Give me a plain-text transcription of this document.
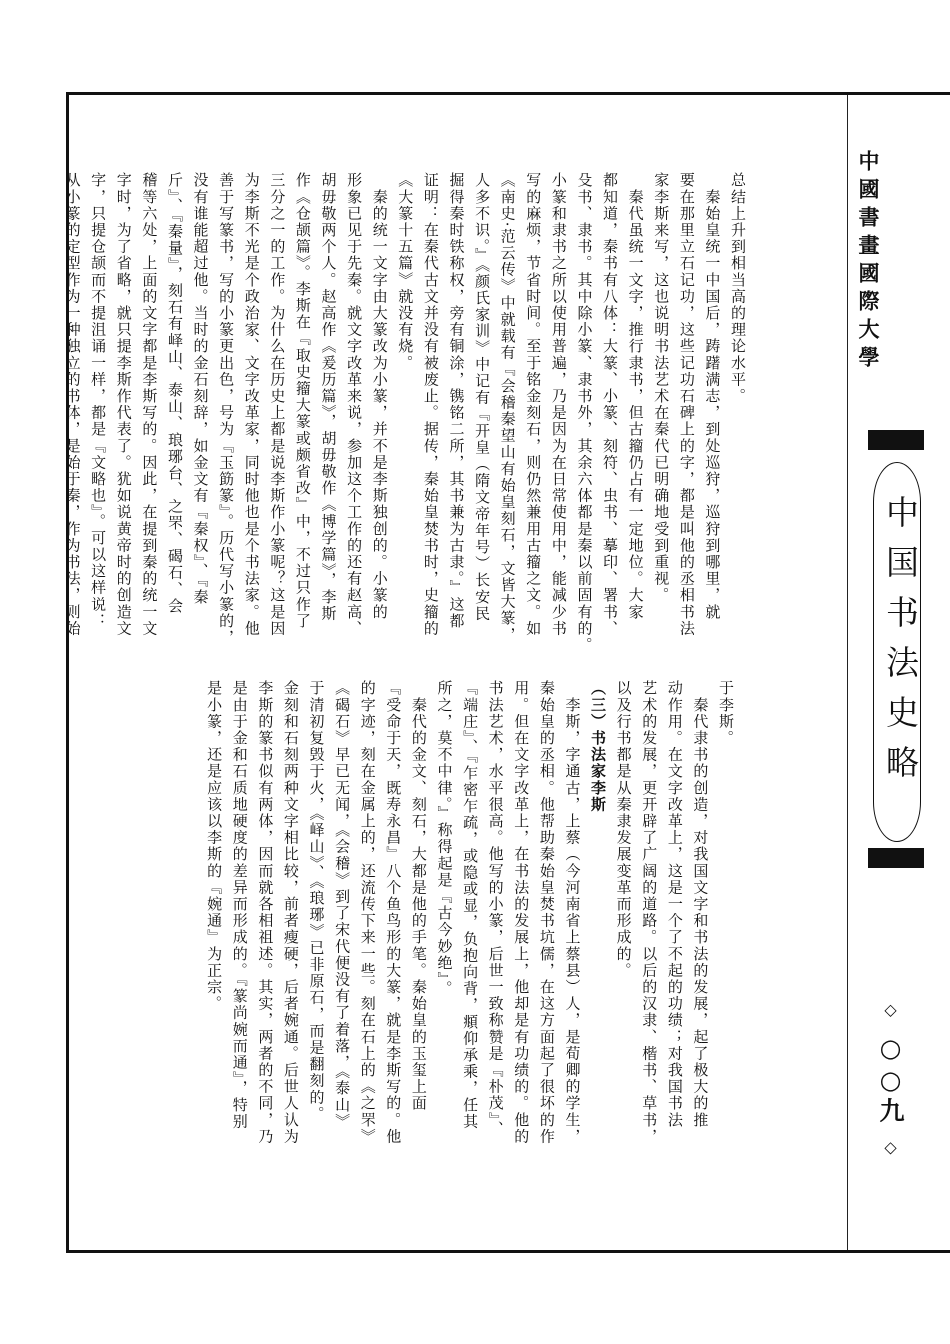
中國書畫國際大學
中国书法史略
◇ ○○九 ◇
总结上升到相当高的理论水平。
　秦始皇统一中国后，踌躇满志，到处巡狩，巡狩到哪里，就
要在那里立石记功，这些记功石碑上的字，都是叫他的丞相书法
家李斯来写，这也说明书法艺术在秦代已明确地受到重视。
　秦代虽统一文字，推行隶书，但古籀仍占有一定地位。大家
都知道，秦书有八体：大篆、小篆、刻符、虫书、摹印、署书、
殳书、隶书。其中除小篆、隶书外，其余六体都是秦以前固有的。
小篆和隶书之所以使用普遍，乃是因为在日常使用中，能减少书
写的麻烦，节省时间。至于铭金刻石，则仍然兼用古籀之文。如
《南史·范云传》中就载有『会稽秦望山有始皇刻石，文皆大篆，
人多不识。』《颜氏家训》中记有『开皇（隋文帝年号）长安民
掘得秦时铁称权，旁有铜涂，镌铭二所，其书兼为古隶。』这都
证明：在秦代古文并没有被废止。据传，秦始皇焚书时，史籀的
《大篆十五篇》就没有烧。
　秦的统一文字由大篆改为小篆，并不是李斯独创的。小篆的
形象已见于先秦。就文字改革来说，参加这个工作的还有赵高、
胡毋敬两个人。赵高作《爰历篇》，胡毋敬作《博学篇》，李斯
作《仓颉篇》。李斯在『取史籀大篆或颇省改』中，不过只作了
三分之一的工作。为什么在历史上都是说李斯作小篆呢？这是因
为李斯不光是个政治家、文字改革家，同时他也是个书法家。他
善于写篆书，写的小篆更出色，号为『玉筯篆』。历代写小篆的，
没有谁能超过他。当时的金石刻辞，如金文有『秦权』、『秦
斤』、『秦量』，刻石有峄山、泰山、琅琊台、之罘、碣石、会
稽等六处，上面的文字都是李斯写的。因此，在提到秦的统一文
字时，为了省略，就只提李斯作代表了。犹如说黄帝时的创造文
字，只提仓颉而不提沮诵一样，都是『文略也』。可以这样说：
从小篆的定型作为一种独立的书体，是始于秦，作为书法，则始
于李斯。
　秦代隶书的创造，对我国文字和书法的发展，起了极大的推
动作用。在文字改革上，这是一个了不起的功绩；对我国书法
艺术的发展，更开辟了广阔的道路。以后的汉隶、楷书、草书，
以及行书都是从秦隶发展变革而形成的。
（三）书法家李斯
　李斯，字通古，上蔡（今河南省上蔡县）人，是荀卿的学生，
秦始皇的丞相。他帮助秦始皇焚书坑儒，在这方面起了很坏的作
用。但在文字改革上，在书法的发展上，他却是有功绩的。他的
书法艺术，水平很高。他写的小篆，后世一致称赞是『朴茂』、
『端庄』、『乍密乍疏，或隐或显，负抱向背，頫仰承乘，任其
所之，莫不中律。』称得起是『古今妙绝』。
　秦代的金文、刻石，大都是他的手笔。秦始皇的玉玺上面
『受命于天，既寿永昌』八个鱼鸟形的大篆，就是李斯写的。他
的字迹，刻在金属上的，还流传下来一些。刻在石上的《之罘》
《碣石》早已无闻，《会稽》到了宋代便没有了着落，《泰山》
于清初复毁于火，《峄山》、《琅琊》已非原石，而是翻刻的。
金刻和石刻两种文字相比较，前者瘦硬，后者婉通。后世人认为
李斯的篆书似有两体，因而就各相祖述。其实，两者的不同，乃
是由于金和石质地硬度的差异而形成的。『篆尚婉而通』，特别
是小篆，还是应该以李斯的『婉通』为正宗。
